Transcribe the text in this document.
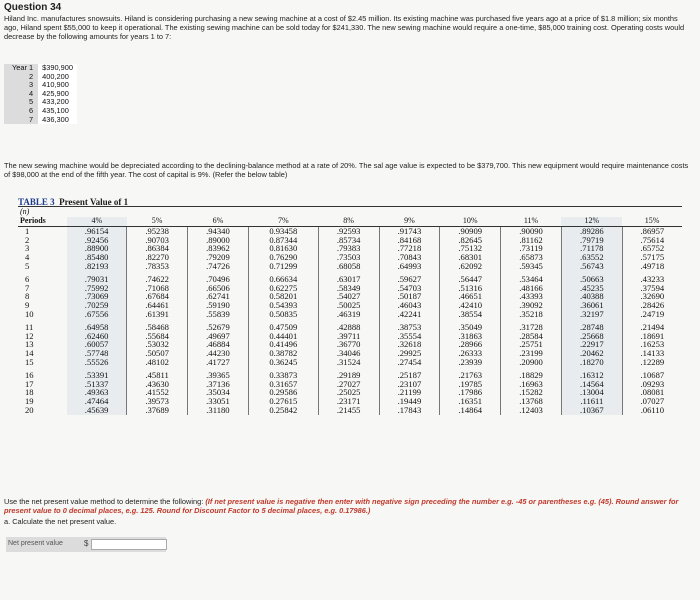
Question 34
Hiland Inc. manufactures snowsuits. Hiland is considering purchasing a new sewing machine at a cost of $2.45 million. Its existing machine was purchased five years ago at a price of $1.8 million; six months ago, Hiland spent $55,000 to keep it operational. The existing sewing machine can be sold today for $241,330. The new sewing machine would require a one-time, $85,000 training cost. Operating costs would decrease by the following amounts for years 1 to 7:
Year 1	$390,900
2	400,200
3	410,900
4	425,900
5	433,200
6	435,100
7	436,300
The new sewing machine would be depreciated according to the declining-balance method at a rate of 20%. The sal age value is expected to be $379,700. This new equipment would require maintenance costs of $98,000 at the end of the fifth year. The cost of capital is 9%. (Refer the below table)
TABLE 3 Present Value of 1
(n)										
Periods	4%	5%	6%	7%	8%	9%	10%	11%	12%	15%
1	.96154	.95238	.94340	0.93458	.92593	.91743	.90909	.90090	.89286	.86957
2	.92456	.90703	.89000	0.87344	.85734	.84168	.82645	.81162	.79719	.75614
3	.88900	.86384	.83962	0.81630	.79383	.77218	.75132	.73119	.71178	.65752
4	.85480	.82270	.79209	0.76290	.73503	.70843	.68301	.65873	.63552	.57175
5	.82193	.78353	.74726	0.71299	.68058	.64993	.62092	.59345	.56743	.49718
6	.79031	.74622	.70496	0.66634	.63017	.59627	.56447	.53464	.50663	.43233
7	.75992	.71068	.66506	0.62275	.58349	.54703	.51316	.48166	.45235	.37594
8	.73069	.67684	.62741	0.58201	.54027	.50187	.46651	.43393	.40388	.32690
9	.70259	.64461	.59190	0.54393	.50025	.46043	.42410	.39092	.36061	.28426
10	.67556	.61391	.55839	0.50835	.46319	.42241	.38554	.35218	.32197	.24719
11	.64958	.58468	.52679	0.47509	.42888	.38753	.35049	.31728	.28748	.21494
12	.62460	.55684	.49697	0.44401	.39711	.35554	.31863	.28584	.25668	.18691
13	.60057	.53032	.46884	0.41496	.36770	.32618	.28966	.25751	.22917	.16253
14	.57748	.50507	.44230	0.38782	.34046	.29925	.26333	.23199	.20462	.14133
15	.55526	.48102	.41727	0.36245	.31524	.27454	.23939	.20900	.18270	.12289
16	.53391	.45811	.39365	0.33873	.29189	.25187	.21763	.18829	.16312	.10687
17	.51337	.43630	.37136	0.31657	.27027	.23107	.19785	.16963	.14564	.09293
18	.49363	.41552	.35034	0.29586	.25025	.21199	.17986	.15282	.13004	.08081
19	.47464	.39573	.33051	0.27615	.23171	.19449	.16351	.13768	.11611	.07027
20	.45639	.37689	.31180	0.25842	.21455	.17843	.14864	.12403	.10367	.06110
Use the net present value method to determine the following: (If net present value is negative then enter with negative sign preceding the number e.g. -45 or parentheses e.g. (45). Round answer for present value to 0 decimal places, e.g. 125. Round for Discount Factor to 5 decimal places, e.g. 0.17986.)
a. Calculate the net present value.
Net present value	$
